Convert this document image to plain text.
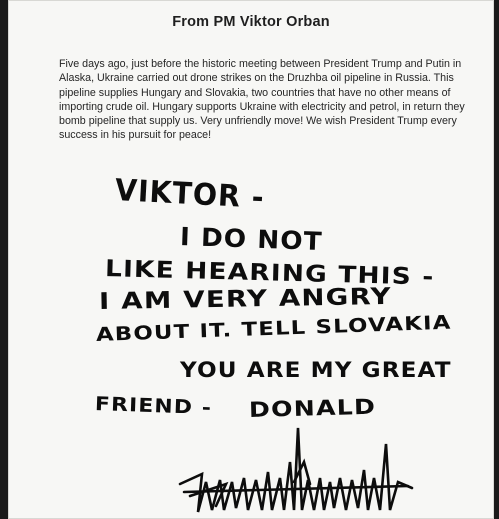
From PM Viktor Orban

Five days ago, just before the historic meeting between President Trump and Putin in Alaska, Ukraine carried out drone strikes on the Druzhba oil pipeline in Russia. This pipeline supplies Hungary and Slovakia, two countries that have no other means of importing crude oil. Hungary supports Ukraine with electricity and petrol, in return they bomb pipeline that supply us. Very unfriendly move! We wish President Trump every success in his pursuit for peace!

VIKTOR -
I DO NOT
LIKE HEARING THIS -
I AM VERY ANGRY
ABOUT IT. TELL SLOVAKIA
YOU ARE MY GREAT
FRIEND - DONALD
